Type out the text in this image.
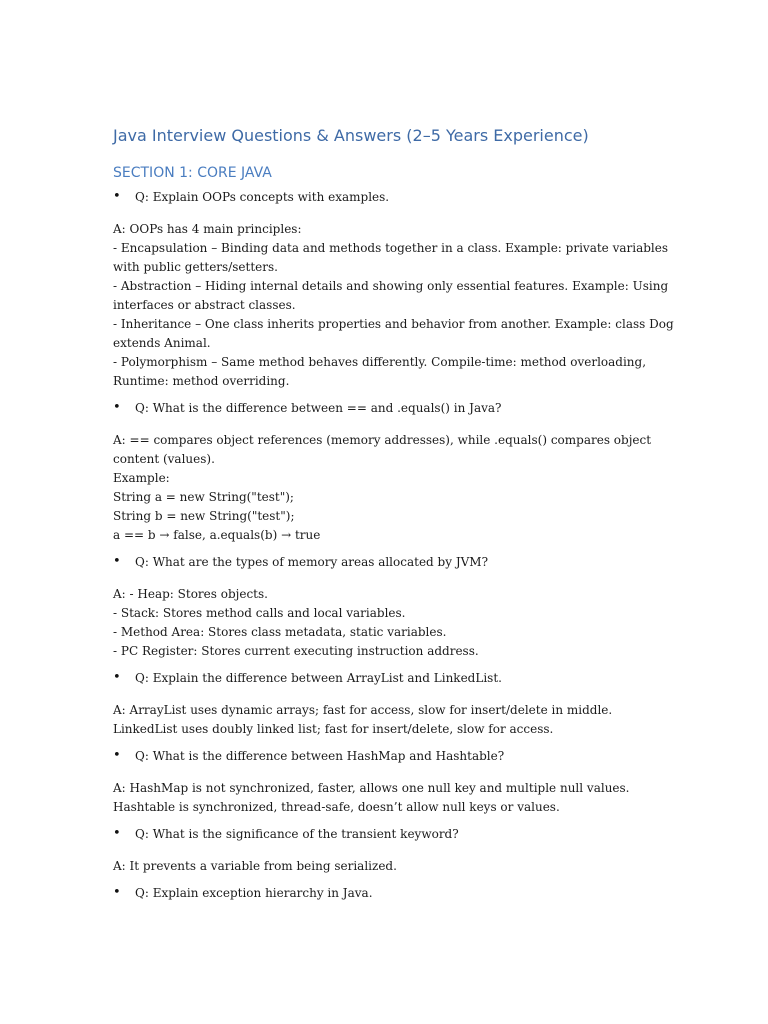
Java Interview Questions & Answers (2–5 Years Experience)
SECTION 1: CORE JAVA
•	Q: Explain OOPs concepts with examples.
A: OOPs has 4 main principles:
- Encapsulation – Binding data and methods together in a class. Example: private variables
with public getters/setters.
- Abstraction – Hiding internal details and showing only essential features. Example: Using
interfaces or abstract classes.
- Inheritance – One class inherits properties and behavior from another. Example: class Dog
extends Animal.
- Polymorphism – Same method behaves differently. Compile-time: method overloading,
Runtime: method overriding.
•	Q: What is the difference between == and .equals() in Java?
A: == compares object references (memory addresses), while .equals() compares object
content (values).
Example:
String a = new String("test");
String b = new String("test");
a == b → false, a.equals(b) → true
•	Q: What are the types of memory areas allocated by JVM?
A: - Heap: Stores objects.
- Stack: Stores method calls and local variables.
- Method Area: Stores class metadata, static variables.
- PC Register: Stores current executing instruction address.
•	Q: Explain the difference between ArrayList and LinkedList.
A: ArrayList uses dynamic arrays; fast for access, slow for insert/delete in middle.
LinkedList uses doubly linked list; fast for insert/delete, slow for access.
•	Q: What is the difference between HashMap and Hashtable?
A: HashMap is not synchronized, faster, allows one null key and multiple null values.
Hashtable is synchronized, thread-safe, doesn’t allow null keys or values.
•	Q: What is the significance of the transient keyword?
A: It prevents a variable from being serialized.
•	Q: Explain exception hierarchy in Java.
